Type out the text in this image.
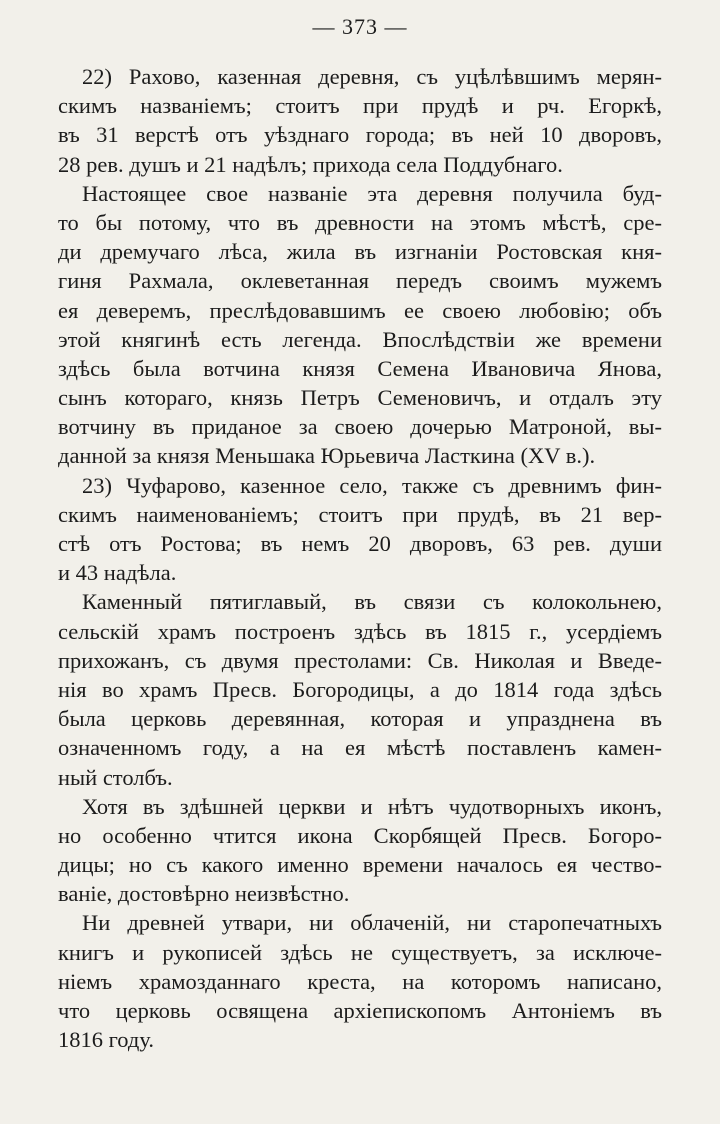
— 373 —
22) Рахово, казенная деревня, съ уцѣлѣвшимъ мерян-
скимъ названіемъ; стоитъ при прудѣ и рч. Егоркѣ,
въ 31 верстѣ отъ уѣзднаго города; въ ней 10 дворовъ,
28 рев. душъ и 21 надѣлъ; прихода села Поддубнаго.
Настоящее свое названіе эта деревня получила буд-
то бы потому, что въ древности на этомъ мѣстѣ, сре-
ди дремучаго лѣса, жила въ изгнаніи Ростовская кня-
гиня Рахмала, оклеветанная передъ своимъ мужемъ
ея деверемъ, преслѣдовавшимъ ее своею любовію; объ
этой княгинѣ есть легенда. Впослѣдствіи же времени
здѣсь была вотчина князя Семена Ивановича Янова,
сынъ котораго, князь Петръ Семеновичъ, и отдалъ эту
вотчину въ приданое за своею дочерью Матроной, вы-
данной за князя Меньшака Юрьевича Ласткина (XV в.).
23) Чуфарово, казенное село, также съ древнимъ фин-
скимъ наименованіемъ; стоитъ при прудѣ, въ 21 вер-
стѣ отъ Ростова; въ немъ 20 дворовъ, 63 рев. души
и 43 надѣла.
Каменный пятиглавый, въ связи съ колокольнею,
сельскій храмъ построенъ здѣсь въ 1815 г., усердіемъ
прихожанъ, съ двумя престолами: Св. Николая и Введе-
нія во храмъ Пресв. Богородицы, а до 1814 года здѣсь
была церковь деревянная, которая и упразднена въ
означенномъ году, а на ея мѣстѣ поставленъ камен-
ный столбъ.
Хотя въ здѣшней церкви и нѣтъ чудотворныхъ иконъ,
но особенно чтится икона Скорбящей Пресв. Богоро-
дицы; но съ какого именно времени началось ея чество-
ваніе, достовѣрно неизвѣстно.
Ни древней утвари, ни облаченій, ни старопечатныхъ
книгъ и рукописей здѣсь не существуетъ, за исключе-
ніемъ храмозданнаго креста, на которомъ написано,
что церковь освящена архіепископомъ Антоніемъ въ
1816 году.
